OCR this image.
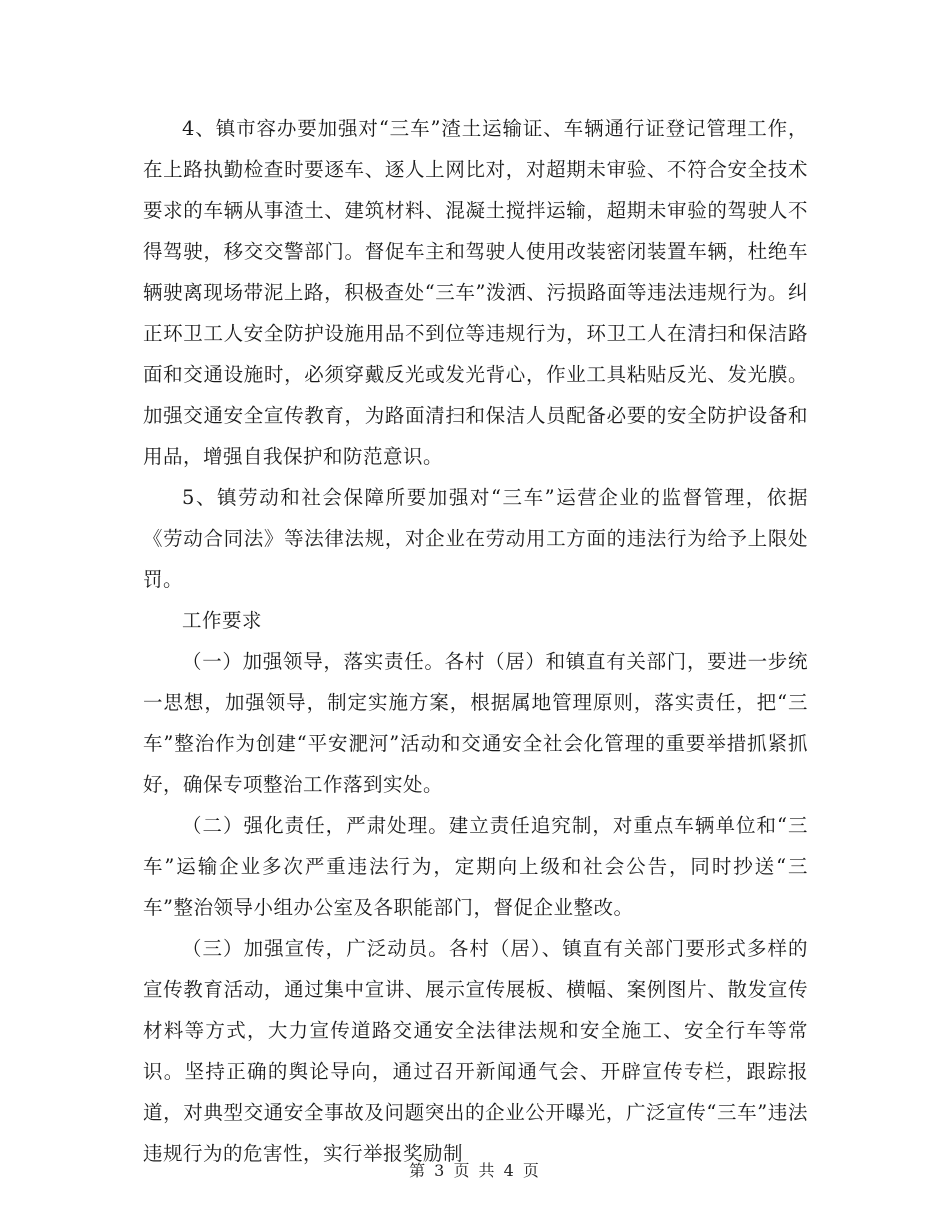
4、镇市容办要加强对“三车”渣土运输证、车辆通行证登记管理工作，在上路执勤检查时要逐车、逐人上网比对，对超期未审验、不符合安全技术要求的车辆从事渣土、建筑材料、混凝土搅拌运输，超期未审验的驾驶人不得驾驶，移交交警部门。督促车主和驾驶人使用改装密闭装置车辆，杜绝车辆驶离现场带泥上路，积极查处“三车”泼洒、污损路面等违法违规行为。纠正环卫工人安全防护设施用品不到位等违规行为，环卫工人在清扫和保洁路面和交通设施时，必须穿戴反光或发光背心，作业工具粘贴反光、发光膜。加强交通安全宣传教育，为路面清扫和保洁人员配备必要的安全防护设备和用品，增强自我保护和防范意识。

5、镇劳动和社会保障所要加强对“三车”运营企业的监督管理，依据《劳动合同法》等法律法规，对企业在劳动用工方面的违法行为给予上限处罚。

工作要求

（一）加强领导，落实责任。各村（居）和镇直有关部门，要进一步统一思想，加强领导，制定实施方案，根据属地管理原则，落实责任，把“三车”整治作为创建“平安淝河”活动和交通安全社会化管理的重要举措抓紧抓好，确保专项整治工作落到实处。

（二）强化责任，严肃处理。建立责任追究制，对重点车辆单位和“三车”运输企业多次严重违法行为，定期向上级和社会公告，同时抄送“三车”整治领导小组办公室及各职能部门，督促企业整改。

（三）加强宣传，广泛动员。各村（居）、镇直有关部门要形式多样的宣传教育活动，通过集中宣讲、展示宣传展板、横幅、案例图片、散发宣传材料等方式，大力宣传道路交通安全法律法规和安全施工、安全行车等常识。坚持正确的舆论导向，通过召开新闻通气会、开辟宣传专栏，跟踪报道，对典型交通安全事故及问题突出的企业公开曝光，广泛宣传“三车”违法违规行为的危害性，实行举报奖励制

第 3 页 共 4 页
